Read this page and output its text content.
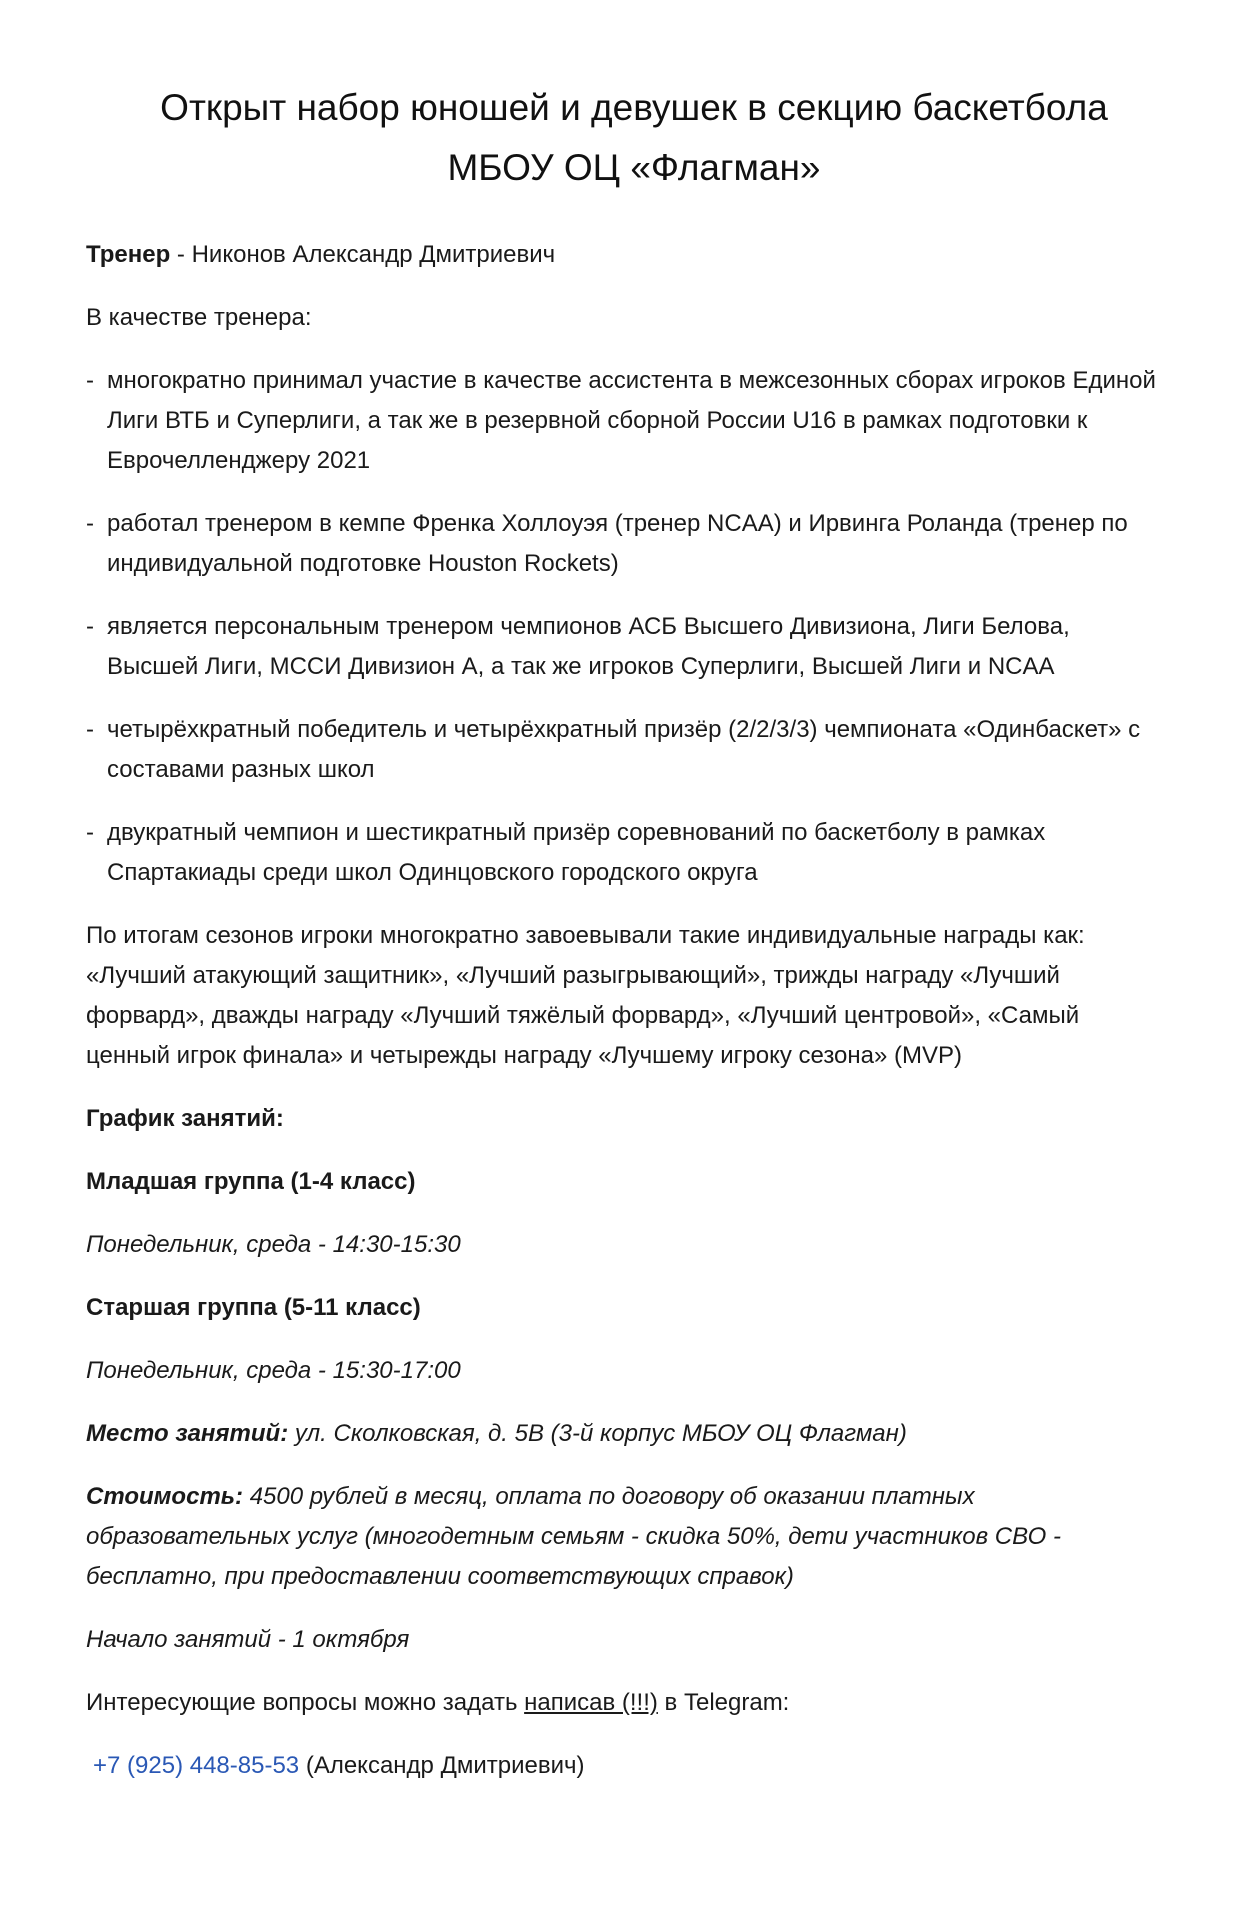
Открыт набор юношей и девушек в секцию баскетбола
МБОУ ОЦ «Флагман»

Тренер - Никонов Александр Дмитриевич

В качестве тренера:

- многократно принимал участие в качестве ассистента в межсезонных сборах игроков Единой Лиги ВТБ и Суперлиги, а так же в резервной сборной России U16 в рамках подготовки к Еврочелленджеру 2021
- работал тренером в кемпе Френка Холлоуэя (тренер NCAA) и Ирвинга Роланда (тренер по индивидуальной подготовке Houston Rockets)
- является персональным тренером чемпионов АСБ Высшего Дивизиона, Лиги Белова, Высшей Лиги, МССИ Дивизион А, а так же игроков Суперлиги, Высшей Лиги и NCAA
- четырёхкратный победитель и четырёхкратный призёр (2/2/3/3) чемпионата «Одинбаскет» с составами разных школ
- двукратный чемпион и шестикратный призёр соревнований по баскетболу в рамках Спартакиады среди школ Одинцовского городского округа

По итогам сезонов игроки многократно завоевывали такие индивидуальные награды как: «Лучший атакующий защитник», «Лучший разыгрывающий», трижды награду «Лучший форвард», дважды награду «Лучший тяжёлый форвард», «Лучший центровой», «Самый ценный игрок финала» и четырежды награду «Лучшему игроку сезона» (MVP)

График занятий:

Младшая группа (1-4 класс)

Понедельник, среда - 14:30-15:30

Старшая группа (5-11 класс)

Понедельник, среда - 15:30-17:00

Место занятий: ул. Сколковская, д. 5В (3-й корпус МБОУ ОЦ Флагман)

Стоимость: 4500 рублей в месяц, оплата по договору об оказании платных образовательных услуг (многодетным семьям - скидка 50%, дети участников СВО - бесплатно, при предоставлении соответствующих справок)

Начало занятий - 1 октября

Интересующие вопросы можно задать написав (!!!) в Telegram:

+7 (925) 448-85-53 (Александр Дмитриевич)
